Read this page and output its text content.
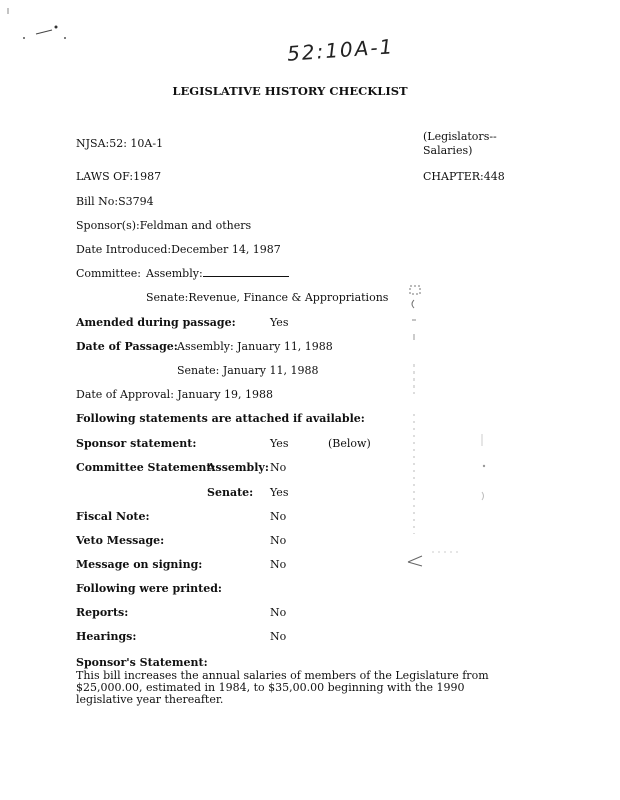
52:10A-1
LEGISLATIVE HISTORY CHECKLIST
NJSA:52: 10A-1
(Legislators--
Salaries)
LAWS OF:1987	CHAPTER:448
Bill No:S3794
Sponsor(s):Feldman and others
Date Introduced:December 14, 1987
Committee: Assembly:
Senate:Revenue, Finance & Appropriations
Amended during passage:	Yes
Date of Passage: Assembly: January 11, 1988
Senate: January 11, 1988
Date of Approval: January 19, 1988
Following statements are attached if available:
Sponsor statement:	Yes	(Below)
Committee Statement:
Assembly: No
Senate: Yes
Fiscal Note:	No
Veto Message:	No
Message on signing:	No
Following were printed:
Reports:	No
Hearings:	No
Sponsor's Statement:
This bill increases the annual salaries of members of the Legislature from $25,000.00, estimated in 1984, to $35,00.00 beginning with the 1990 legislative year thereafter.
